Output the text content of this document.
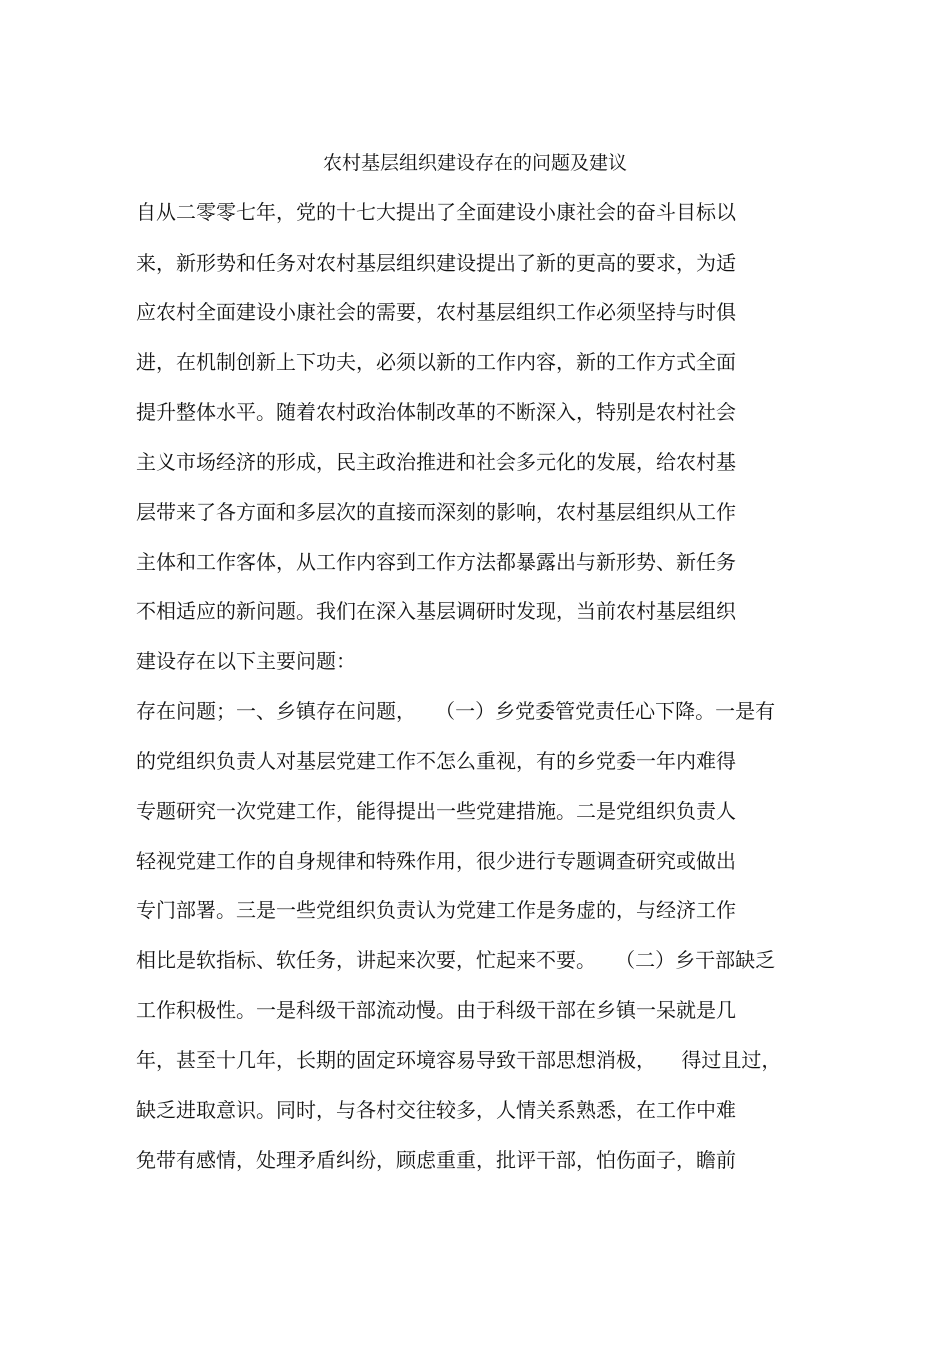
农村基层组织建设存在的问题及建议
自从二零零七年，党的十七大提出了全面建设小康社会的奋斗目标以
来，新形势和任务对农村基层组织建设提出了新的更高的要求，为适
应农村全面建设小康社会的需要，农村基层组织工作必须坚持与时俱
进，在机制创新上下功夫，必须以新的工作内容，新的工作方式全面
提升整体水平。随着农村政治体制改革的不断深入，特别是农村社会
主义市场经济的形成，民主政治推进和社会多元化的发展，给农村基
层带来了各方面和多层次的直接而深刻的影响，农村基层组织从工作
主体和工作客体，从工作内容到工作方法都暴露出与新形势、新任务
不相适应的新问题。我们在深入基层调研时发现，当前农村基层组织
建设存在以下主要问题：
存在问题；一、乡镇存在问题，   （一）乡党委管党责任心下降。一是有
的党组织负责人对基层党建工作不怎么重视，有的乡党委一年内难得
专题研究一次党建工作，能得提出一些党建措施。二是党组织负责人
轻视党建工作的自身规律和特殊作用，很少进行专题调查研究或做出
专门部署。三是一些党组织负责认为党建工作是务虚的，与经济工作
相比是软指标、软任务，讲起来次要，忙起来不要。   （二）乡干部缺乏
工作积极性。一是科级干部流动慢。由于科级干部在乡镇一呆就是几
年，甚至十几年，长期的固定环境容易导致干部思想消极，    得过且过，
缺乏进取意识。同时，与各村交往较多，人情关系熟悉，在工作中难
免带有感情，处理矛盾纠纷，顾虑重重，批评干部，怕伤面子，瞻前
